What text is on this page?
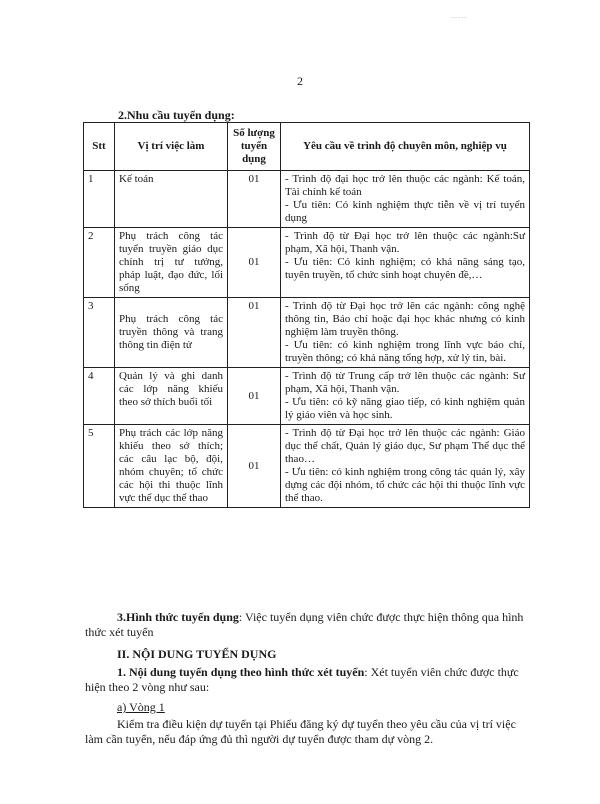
...........
2
2.Nhu cầu tuyển dụng:
Stt	Vị trí việc làm	Số lượng tuyển dụng	Yêu cầu về trình độ chuyên môn, nghiệp vụ
1	Kế toán	01	- Trình độ đại học trở lên thuộc các ngành: Kế toán, Tài chính kế toán
- Ưu tiên: Có kinh nghiệm thực tiễn về vị trí tuyển dụng

2	Phụ trách công tác tuyển truyền giáo dục chính trị tư tưởng, pháp luật, đạo đức, lối sống	01	- Trình độ từ Đại học trở lên thuộc các ngành:Sư phạm, Xã hội, Thanh vận.
- Ưu tiên: Có kinh nghiệm; có khả năng sáng tạo, tuyên truyền, tổ chức sinh hoạt chuyên đề,…

3	Phụ trách công tác truyền thông và trang thông tin điện tử	01	- Trình độ từ Đại học trở lên các ngành: công nghệ thông tin, Báo chí hoặc đại học khác nhưng có kinh nghiệm làm truyền thông.
- Ưu tiên: có kinh nghiệm trong lĩnh vực báo chí, truyền thông; có khả năng tổng hợp, xử lý tin, bài.

4	Quản lý và ghi danh các lớp năng khiếu theo sở thích buổi tối	01	- Trình độ từ Trung cấp trở lên thuộc các ngành: Sư phạm, Xã hội, Thanh vận.
- Ưu tiên: có kỹ năng giao tiếp, có kinh nghiệm quản lý giáo viên và học sinh.

5	Phụ trách các lớp năng khiếu theo sở thích; các câu lạc bộ, đội, nhóm chuyên; tổ chức các hội thi thuộc lĩnh vực thể dục thể thao	01	- Trình độ từ Đại học trở lên thuộc các ngành: Giáo dục thể chất, Quản lý giáo dục, Sư phạm Thể dục thể thao…
- Ưu tiên: có kinh nghiệm trong công tác quản lý, xây dựng các đội nhóm, tổ chức các hội thi thuộc lĩnh vực thể thao.
3.Hình thức tuyển dụng: Việc tuyển dụng viên chức được thực hiện thông qua hình thức xét tuyển
II. NỘI DUNG TUYỂN DỤNG
1. Nội dung tuyển dụng theo hình thức xét tuyển: Xét tuyển viên chức được thực hiện theo 2 vòng như sau:
a) Vòng 1
Kiểm tra điều kiện dự tuyển tại Phiếu đăng ký dự tuyển theo yêu cầu của vị trí việc làm cần tuyển, nếu đáp ứng đủ thì người dự tuyển được tham dự vòng 2.
